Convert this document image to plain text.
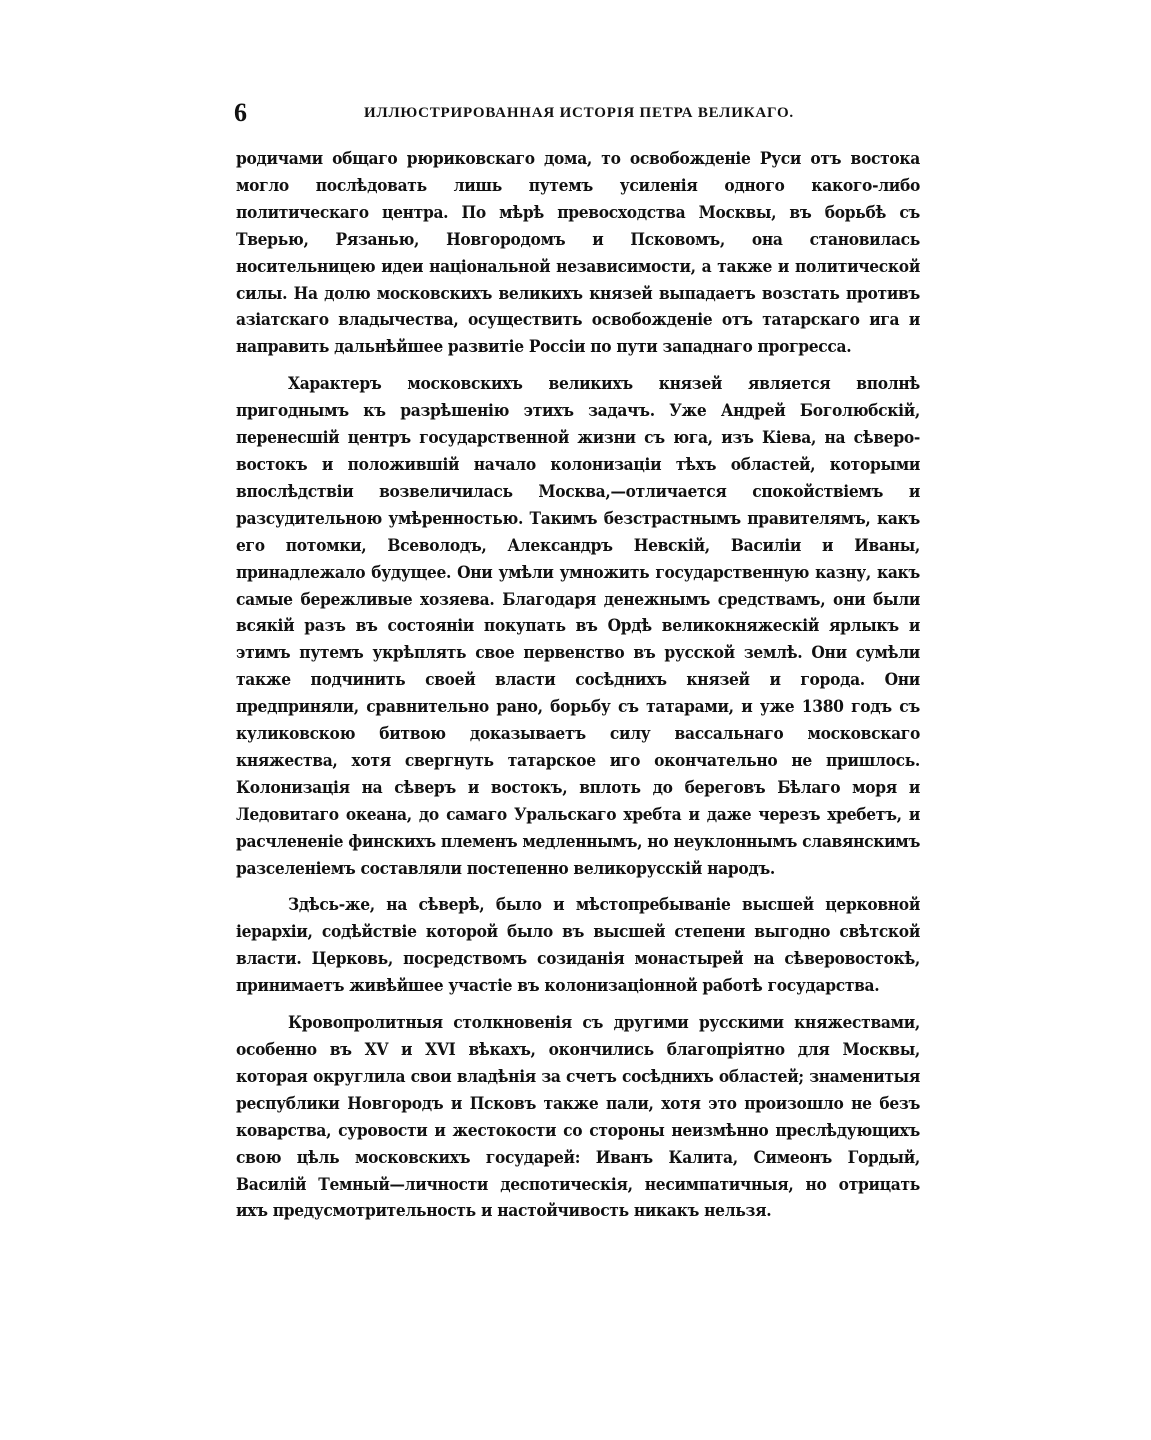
6	ИЛЛЮСТРИРОВАННАЯ ИСТОРІЯ ПЕТРА ВЕЛИКАГО.

родичами общаго рюриковскаго дома, то освобожденіе Руси отъ востока могло послѣдовать лишь путемъ усиленія одного какого-либо политическаго центра. По мѣрѣ превосходства Москвы, въ борьбѣ съ Тверью, Рязанью, Новгородомъ и Псковомъ, она становилась носительницею идеи національной независимости, а также и политической силы. На долю московскихъ великихъ князей выпадаетъ возстать противъ азіатскаго владычества, осуществить освобожденіе отъ татарскаго ига и направить дальнѣйшее развитіе Россіи по пути западнаго прогресса.

Характеръ московскихъ великихъ князей является вполнѣ пригоднымъ къ разрѣшенію этихъ задачъ. Уже Андрей Боголюбскій, перенесшій центръ государственной жизни съ юга, изъ Кіева, на сѣверо-востокъ и положившій начало колонизаціи тѣхъ областей, которыми впослѣдствіи возвеличилась Москва,—отличается спокойствіемъ и разсудительною умѣренностью. Такимъ безстрастнымъ правителямъ, какъ его потомки, Всеволодъ, Александръ Невскій, Василіи и Иваны, принадлежало будущее. Они умѣли умножить государственную казну, какъ самые бережливые хозяева. Благодаря денежнымъ средствамъ, они были всякій разъ въ состояніи покупать въ Ордѣ великокняжескій ярлыкъ и этимъ путемъ укрѣплять свое первенство въ русской землѣ. Они сумѣли также подчинить своей власти сосѣднихъ князей и города. Они предприняли, сравнительно рано, борьбу съ татарами, и уже 1380 годъ съ куликовскою битвою доказываетъ силу вассальнаго московскаго княжества, хотя свергнуть татарское иго окончательно не пришлось. Колонизація на сѣверъ и востокъ, вплоть до береговъ Бѣлаго моря и Ледовитаго океана, до самаго Уральскаго хребта и даже черезъ хребетъ, и расчлененіе финскихъ племенъ медленнымъ, но неуклоннымъ славянскимъ разселеніемъ составляли постепенно великорусскій народъ.

Здѣсь-же, на сѣверѣ, было и мѣстопребываніе высшей церковной іерархіи, содѣйствіе которой было въ высшей степени выгодно свѣтской власти. Церковь, посредствомъ созиданія монастырей на сѣверовостокѣ, принимаетъ живѣйшее участіе въ колонизаціонной работѣ государства.

Кровопролитныя столкновенія съ другими русскими княжествами, особенно въ XV и XVI вѣкахъ, окончились благопріятно для Москвы, которая округлила свои владѣнія за счетъ сосѣднихъ областей; знаменитыя республики Новгородъ и Псковъ также пали, хотя это произошло не безъ коварства, суровости и жестокости со стороны неизмѣнно преслѣдующихъ свою цѣль московскихъ государей: Иванъ Калита, Симеонъ Гордый, Василій Темный—личности деспотическія, несимпатичныя, но отрицать ихъ предусмотрительность и настойчивость никакъ нельзя.
